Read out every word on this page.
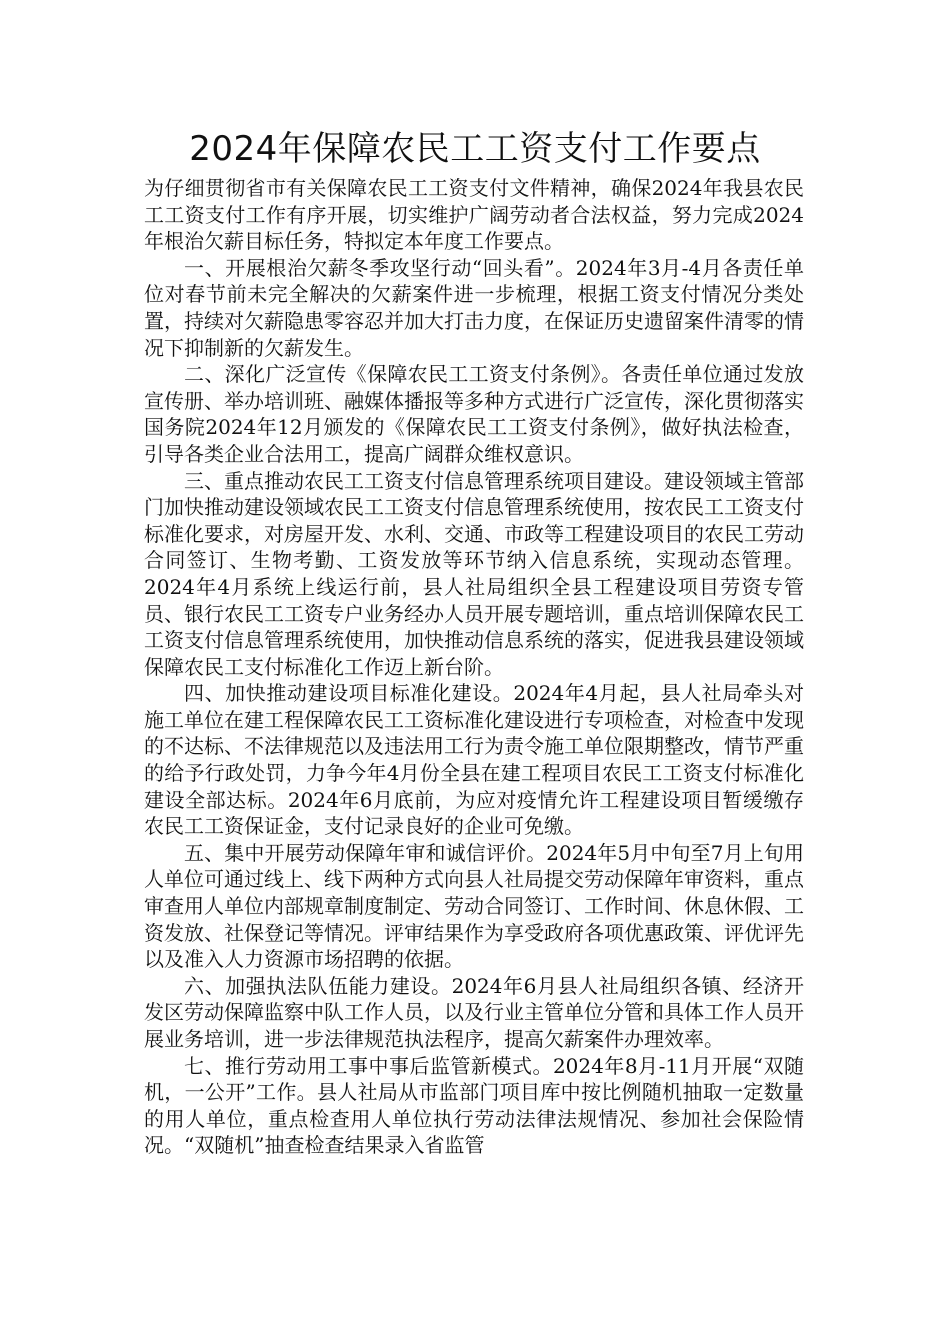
2024年保障农民工工资支付工作要点

为仔细贯彻省市有关保障农民工工资支付文件精神，确保2024年我县农民工工资支付工作有序开展，切实维护广阔劳动者合法权益，努力完成2024年根治欠薪目标任务，特拟定本年度工作要点。

一、开展根治欠薪冬季攻坚行动“回头看”。2024年3月-4月各责任单位对春节前未完全解决的欠薪案件进一步梳理，根据工资支付情况分类处置，持续对欠薪隐患零容忍并加大打击力度，在保证历史遗留案件清零的情况下抑制新的欠薪发生。

二、深化广泛宣传《保障农民工工资支付条例》。各责任单位通过发放宣传册、举办培训班、融媒体播报等多种方式进行广泛宣传，深化贯彻落实国务院2024年12月颁发的《保障农民工工资支付条例》，做好执法检查，引导各类企业合法用工，提高广阔群众维权意识。

三、重点推动农民工工资支付信息管理系统项目建设。建设领域主管部门加快推动建设领域农民工工资支付信息管理系统使用，按农民工工资支付标准化要求，对房屋开发、水利、交通、市政等工程建设项目的农民工劳动合同签订、生物考勤、工资发放等环节纳入信息系统，实现动态管理。2024年4月系统上线运行前，县人社局组织全县工程建设项目劳资专管员、银行农民工工资专户业务经办人员开展专题培训，重点培训保障农民工工资支付信息管理系统使用，加快推动信息系统的落实，促进我县建设领域保障农民工支付标准化工作迈上新台阶。

四、加快推动建设项目标准化建设。2024年4月起，县人社局牵头对施工单位在建工程保障农民工工资标准化建设进行专项检查，对检查中发现的不达标、不法律规范以及违法用工行为责令施工单位限期整改，情节严重的给予行政处罚，力争今年4月份全县在建工程项目农民工工资支付标准化建设全部达标。2024年6月底前，为应对疫情允许工程建设项目暂缓缴存农民工工资保证金，支付记录良好的企业可免缴。

五、集中开展劳动保障年审和诚信评价。2024年5月中旬至7月上旬用人单位可通过线上、线下两种方式向县人社局提交劳动保障年审资料，重点审查用人单位内部规章制度制定、劳动合同签订、工作时间、休息休假、工资发放、社保登记等情况。评审结果作为享受政府各项优惠政策、评优评先以及准入人力资源市场招聘的依据。

六、加强执法队伍能力建设。2024年6月县人社局组织各镇、经济开发区劳动保障监察中队工作人员，以及行业主管单位分管和具体工作人员开展业务培训，进一步法律规范执法程序，提高欠薪案件办理效率。

七、推行劳动用工事中事后监管新模式。2024年8月-11月开展“双随机，一公开”工作。县人社局从市监部门项目库中按比例随机抽取一定数量的用人单位，重点检查用人单位执行劳动法律法规情况、参加社会保险情况。“双随机”抽查检查结果录入省监管
